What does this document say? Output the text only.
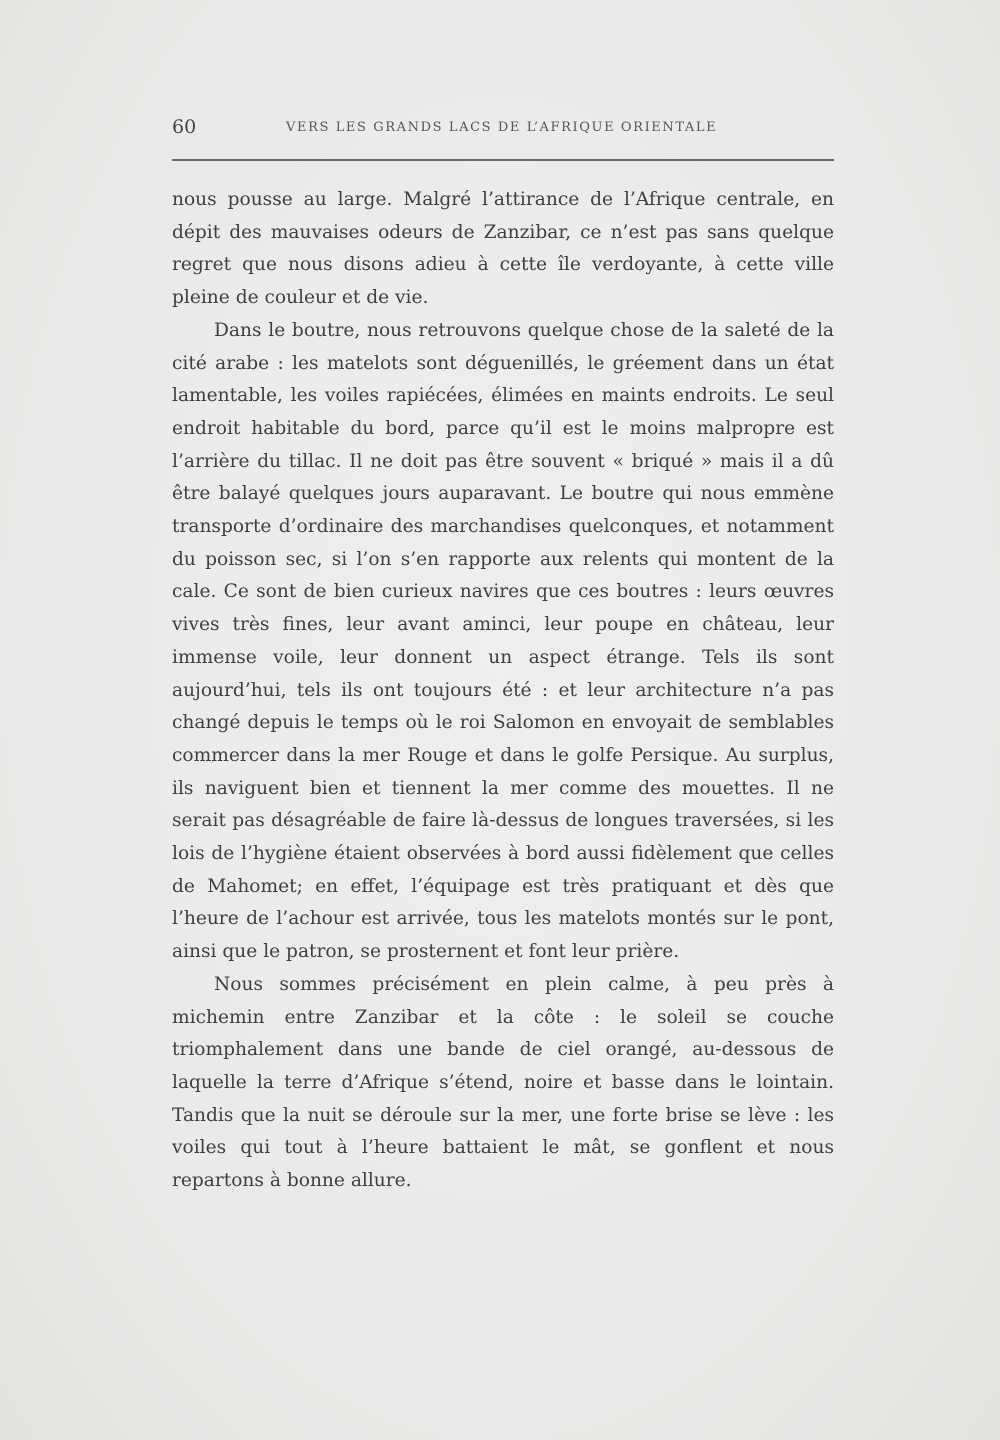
60	VERS LES GRANDS LACS DE L’AFRIQUE ORIENTALE

nous pousse au large. Malgré l’attirance de l’Afrique centrale, en dépit des mauvaises odeurs de Zanzibar, ce n’est pas sans quelque regret que nous disons adieu à cette île verdoyante, à cette ville pleine de couleur et de vie.

Dans le boutre, nous retrouvons quelque chose de la saleté de la cité arabe : les matelots sont déguenillés, le gréement dans un état lamentable, les voiles rapiécées, élimées en maints endroits. Le seul endroit habitable du bord, parce qu’il est le moins malpropre est l’arrière du tillac. Il ne doit pas être souvent « briqué » mais il a dû être balayé quelques jours auparavant. Le boutre qui nous emmène transporte d’ordinaire des marchandises quelconques, et notamment du poisson sec, si l’on s’en rapporte aux relents qui montent de la cale. Ce sont de bien curieux navires que ces boutres : leurs œuvres vives très fines, leur avant aminci, leur poupe en château, leur immense voile, leur donnent un aspect étrange. Tels ils sont aujourd’hui, tels ils ont toujours été : et leur architecture n’a pas changé depuis le temps où le roi Salomon en envoyait de semblables commercer dans la mer Rouge et dans le golfe Persique. Au surplus, ils naviguent bien et tiennent la mer comme des mouettes. Il ne serait pas désagréable de faire là-dessus de longues traversées, si les lois de l’hygiène étaient observées à bord aussi fidèlement que celles de Mahomet; en effet, l’équipage est très pratiquant et dès que l’heure de l’achour est arrivée, tous les matelots montés sur le pont, ainsi que le patron, se prosternent et font leur prière.

Nous sommes précisément en plein calme, à peu près à michemin entre Zanzibar et la côte : le soleil se couche triomphalement dans une bande de ciel orangé, au-dessous de laquelle la terre d’Afrique s’étend, noire et basse dans le lointain. Tandis que la nuit se déroule sur la mer, une forte brise se lève : les voiles qui tout à l’heure battaient le mât, se gonflent et nous repartons à bonne allure.
